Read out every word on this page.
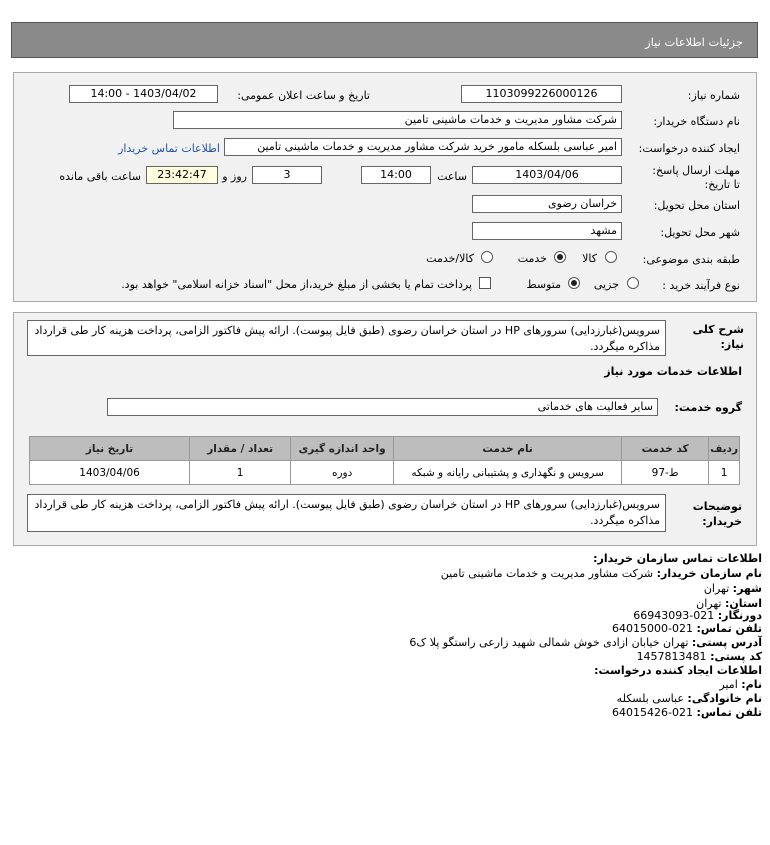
جزئیات اطلاعات نیاز
شماره نیاز:
1103099226000126
تاریخ و ساعت اعلان عمومی:
1403/04/02 - 14:00
نام دستگاه خریدار:
شرکت مشاور مدیریت و خدمات ماشینی تامین
ایجاد کننده درخواست:
امیر عباسی بلسکله مامور خرید شرکت مشاور مدیریت و خدمات ماشینی تامین
اطلاعات تماس خریدار
مهلت ارسال پاسخ: تا تاریخ:
1403/04/06
ساعت
14:00
3
روز و
23:42:47
ساعت باقی مانده
استان محل تحویل:
خراسان رضوی
شهر محل تحویل:
مشهد
طبقه بندی موضوعی:
کالا
خدمت
کالا/خدمت
نوع فرآیند خرید :
جزیی
متوسط
پرداخت تمام یا بخشی از مبلغ خرید،از محل "اسناد خزانه اسلامی" خواهد بود.
شرح کلی نیاز:
سرویس(غبارزدایی) سرورهای HP در استان خراسان رضوی (طبق فایل پیوست). ارائه پیش فاکتور الزامی، پرداخت هزینه کار طی قرارداد مذاکره میگردد.
اطلاعات خدمات مورد نیاز
گروه خدمت:
سایر فعالیت های خدماتی
ردیف	کد خدمت	نام خدمت	واحد اندازه گیری	تعداد / مقدار	تاریخ نیاز
1	ط-97	سرویس و نگهداری و پشتیبانی رایانه و شبکه	دوره	1	1403/04/06
توضیحات خریدار:
سرویس(غبارزدایی) سرورهای HP در استان خراسان رضوی (طبق فایل پیوست). ارائه پیش فاکتور الزامی، پرداخت هزینه کار طی قرارداد مذاکره میگردد.
اطلاعات تماس سازمان خریدار:
نام سازمان خریدار: شرکت مشاور مدیریت و خدمات ماشینی تامین
شهر: تهران
استان: تهران
دورنگار: 021-66943093
تلفن تماس: 021-64015000
آدرس پستی: تهران خیابان ازادی خوش شمالی شهید زارعی راستگو پلا ک6
کد پستی: 1457813481
اطلاعات ایجاد کننده درخواست:
نام: امیر
نام خانوادگی: عباسی بلسکله
تلفن تماس: 021-64015426
